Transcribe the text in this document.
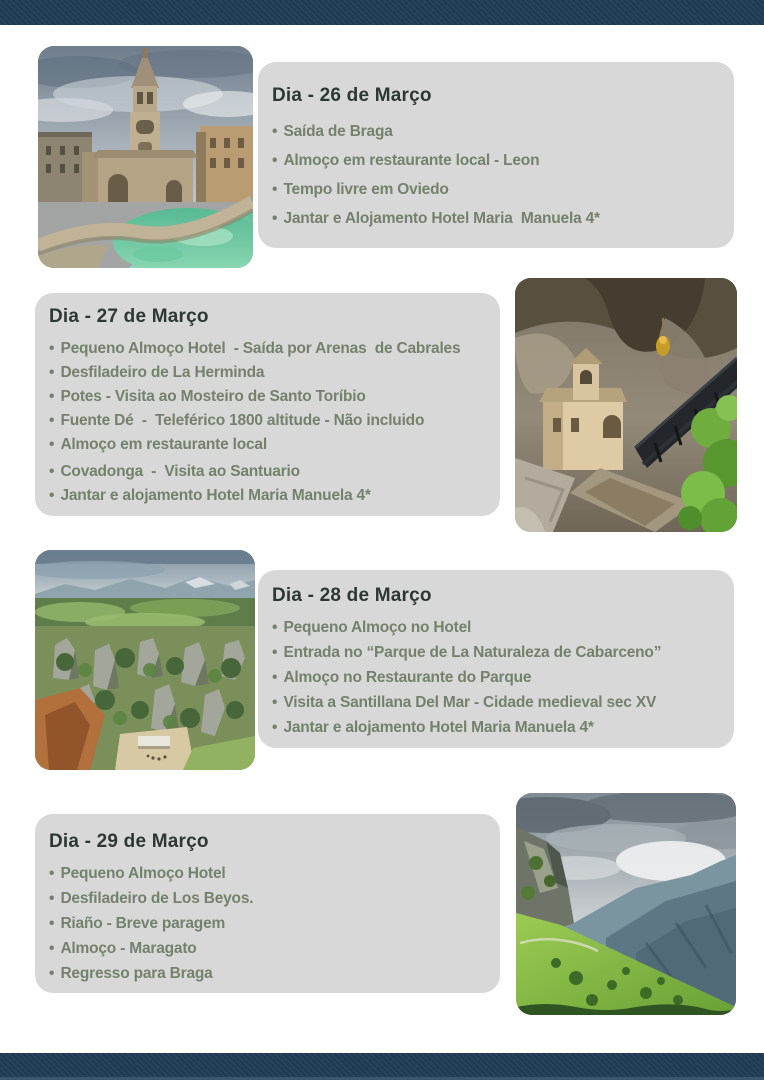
Dia - 26 de Março
• Saída de Braga
• Almoço em restaurante local - Leon
• Tempo livre em Oviedo
• Jantar e Alojamento Hotel Maria  Manuela 4*
Dia - 27 de Março
• Pequeno Almoço Hotel  - Saída por Arenas  de Cabrales
• Desfiladeiro de La Herminda
• Potes - Visita ao Mosteiro de Santo Toríbio
• Fuente Dé  -  Teleférico 1800 altitude - Não incluido
• Almoço em restaurante local
• Covadonga  -  Visita ao Santuario
• Jantar e alojamento Hotel Maria Manuela 4*
Dia - 28 de Março
• Pequeno Almoço no Hotel
• Entrada no “Parque de La Naturaleza de Cabarceno”
• Almoço no Restaurante do Parque
• Visita a Santillana Del Mar - Cidade medieval sec XV
• Jantar e alojamento Hotel Maria Manuela 4*
Dia - 29 de Março
• Pequeno Almoço Hotel
• Desfiladeiro de Los Beyos.
• Riaño - Breve paragem
• Almoço - Maragato
• Regresso para Braga
